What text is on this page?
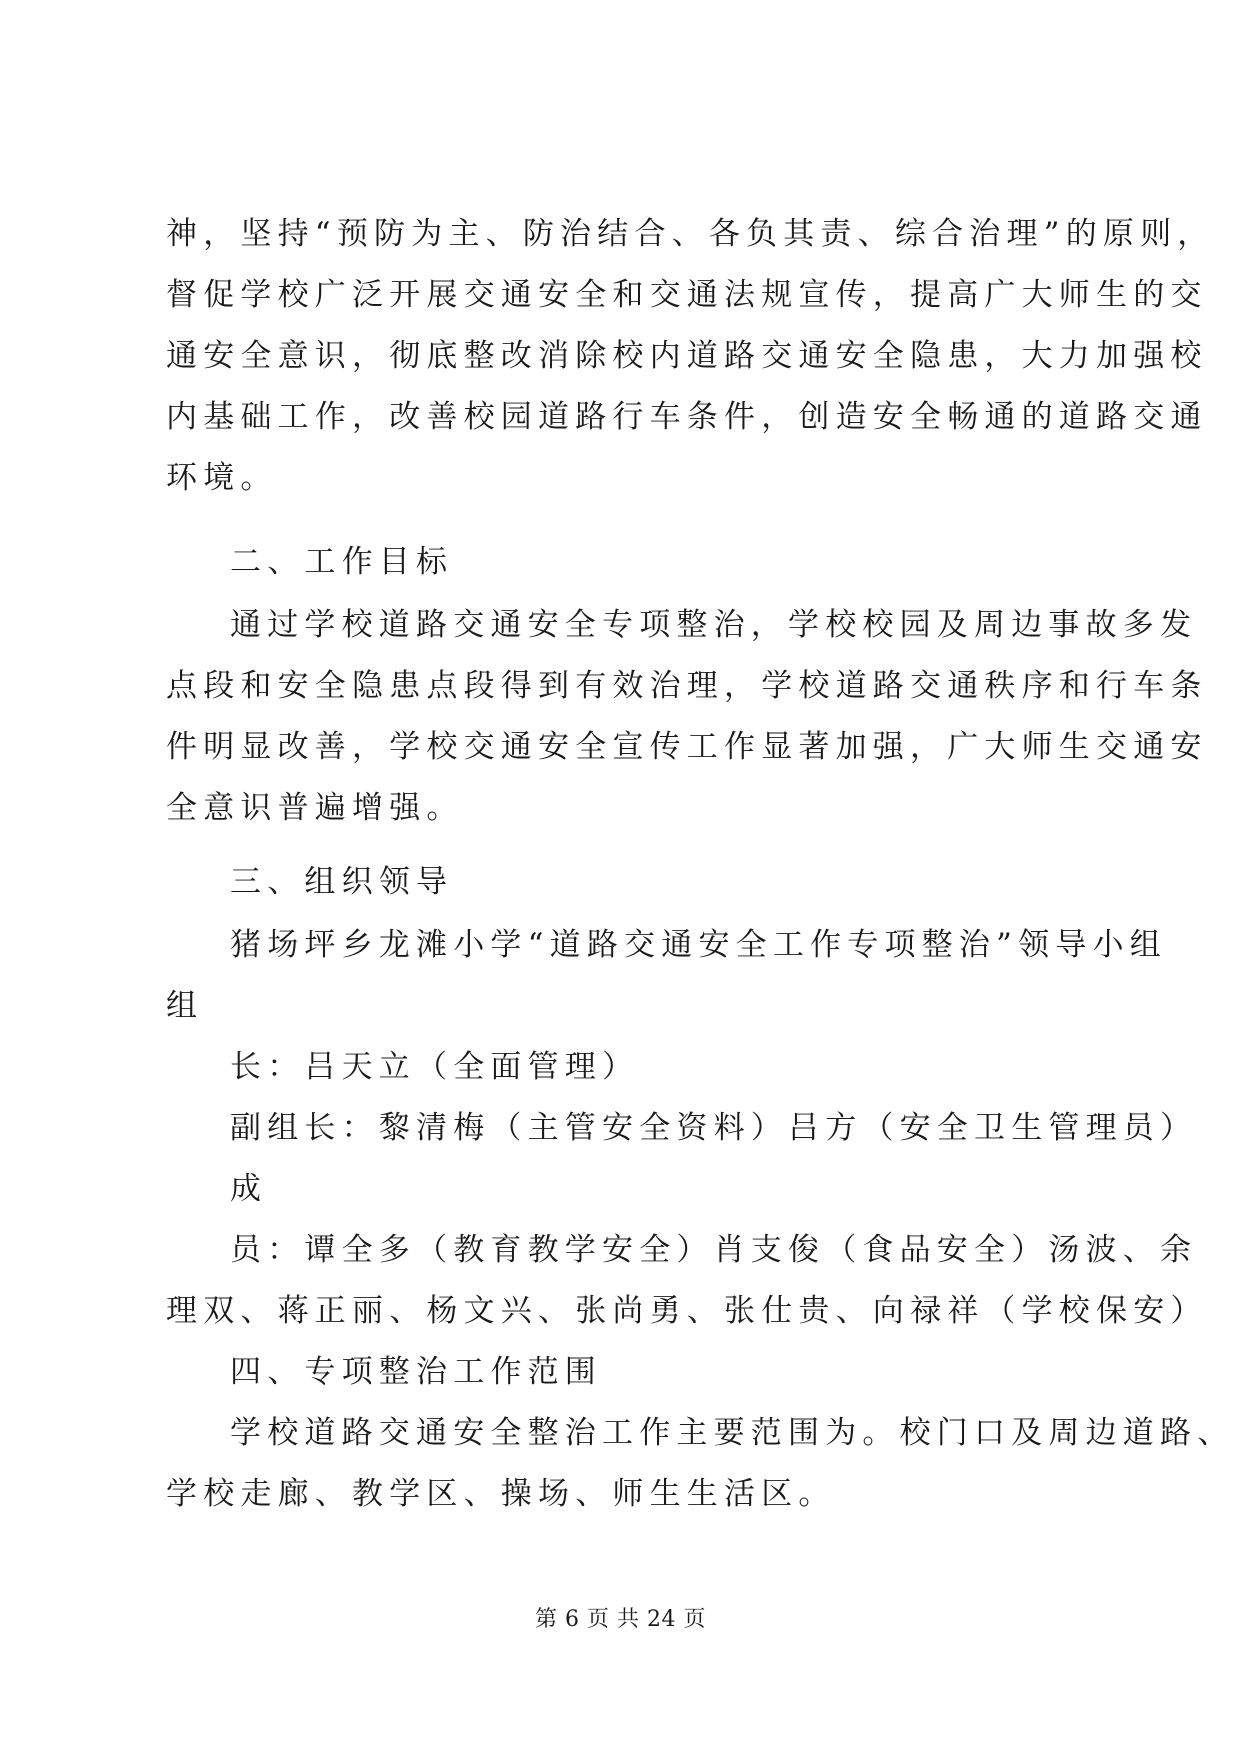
神，坚持“预防为主、防治结合、各负其责、综合治理”的原则，
督促学校广泛开展交通安全和交通法规宣传，提高广大师生的交
通安全意识，彻底整改消除校内道路交通安全隐患，大力加强校
内基础工作，改善校园道路行车条件，创造安全畅通的道路交通
环境。
二、工作目标
通过学校道路交通安全专项整治，学校校园及周边事故多发
点段和安全隐患点段得到有效治理，学校道路交通秩序和行车条
件明显改善，学校交通安全宣传工作显著加强，广大师生交通安
全意识普遍增强。
三、组织领导
猪场坪乡龙滩小学“道路交通安全工作专项整治”领导小组
组
长：吕天立（全面管理）
副组长：黎清梅（主管安全资料）吕方（安全卫生管理员）
成
员：谭全多（教育教学安全）肖支俊（食品安全）汤波、余
理双、蒋正丽、杨文兴、张尚勇、张仕贵、向禄祥（学校保安）
四、专项整治工作范围
学校道路交通安全整治工作主要范围为。校门口及周边道路、
学校走廊、教学区、操场、师生生活区。
第 6 页 共 24 页
